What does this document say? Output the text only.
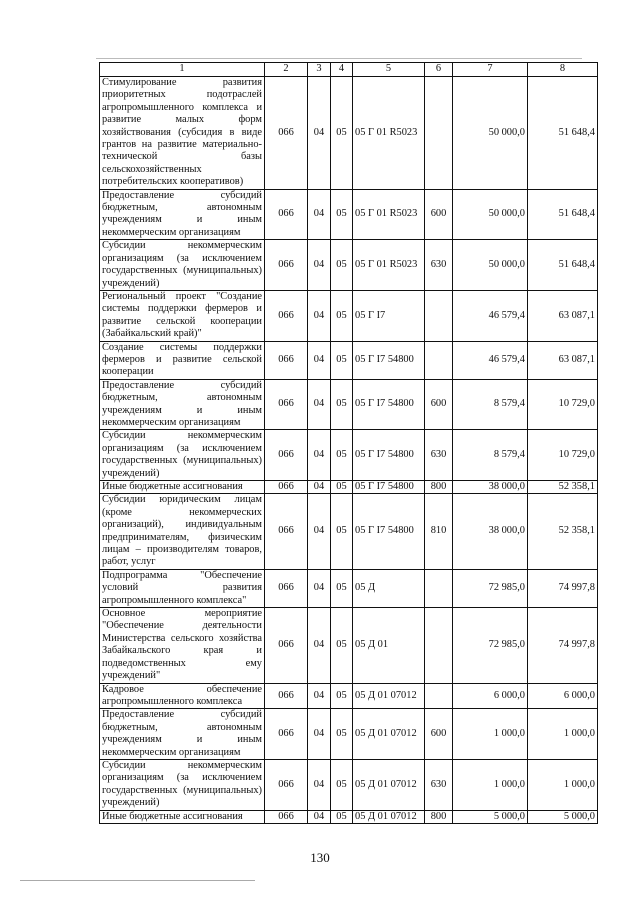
1	2	3	4	5	6	7	8
Стимулирование развития приоритетных подотраслей агропромышленного комплекса и развитие малых форм хозяйствования (субсидия в виде грантов на развитие материально-технической базы сельскохозяйственных потребительских кооперативов)	066	04	05	05 Г 01 R5023		50 000,0	51 648,4
Предоставление субсидий бюджетным, автономным учреждениям и иным некоммерческим организациям	066	04	05	05 Г 01 R5023	600	50 000,0	51 648,4
Субсидии некоммерческим организациям (за исключением государственных (муниципальных) учреждений)	066	04	05	05 Г 01 R5023	630	50 000,0	51 648,4
Региональный проект "Создание системы поддержки фермеров и развитие сельской кооперации (Забайкальский край)"	066	04	05	05 Г I7		46 579,4	63 087,1
Создание системы поддержки фермеров и развитие сельской кооперации	066	04	05	05 Г I7 54800		46 579,4	63 087,1
Предоставление субсидий бюджетным, автономным учреждениям и иным некоммерческим организациям	066	04	05	05 Г I7 54800	600	8 579,4	10 729,0
Субсидии некоммерческим организациям (за исключением государственных (муниципальных) учреждений)	066	04	05	05 Г I7 54800	630	8 579,4	10 729,0
Иные бюджетные ассигнования	066	04	05	05 Г I7 54800	800	38 000,0	52 358,1
Субсидии юридическим лицам (кроме некоммерческих организаций), индивидуальным предпринимателям, физическим лицам – производителям товаров, работ, услуг	066	04	05	05 Г I7 54800	810	38 000,0	52 358,1
Подпрограмма "Обеспечение условий развития агропромышленного комплекса"	066	04	05	05 Д		72 985,0	74 997,8
Основное мероприятие "Обеспечение деятельности Министерства сельского хозяйства Забайкальского края и подведомственных ему учреждений"	066	04	05	05 Д 01		72 985,0	74 997,8
Кадровое обеспечение агропромышленного комплекса	066	04	05	05 Д 01 07012		6 000,0	6 000,0
Предоставление субсидий бюджетным, автономным учреждениям и иным некоммерческим организациям	066	04	05	05 Д 01 07012	600	1 000,0	1 000,0
Субсидии некоммерческим организациям (за исключением государственных (муниципальных) учреждений)	066	04	05	05 Д 01 07012	630	1 000,0	1 000,0
Иные бюджетные ассигнования	066	04	05	05 Д 01 07012	800	5 000,0	5 000,0
130
